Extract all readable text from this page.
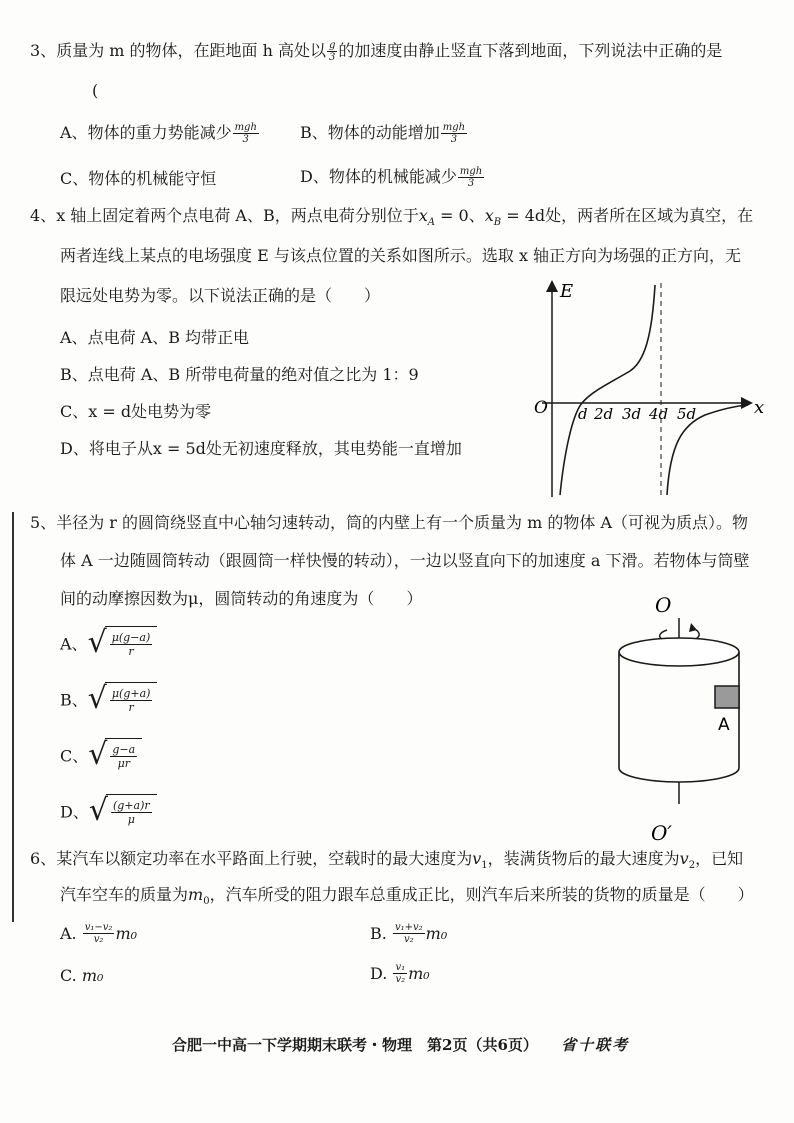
3、质量为 m 的物体，在距地面 h 高处以 $\frac{g}{3}$ 的加速度由静止竖直下落到地面，下列说法中正确的是
(
A、物体的重力势能减少 $\frac{\text{mgh}}{3}$	B、物体的动能增加 $\frac{\text{mgh}}{3}$
C、物体的机械能守恒	D、物体的机械能减少 $\frac{\text{mgh}}{3}$
4、x 轴上固定着两个点电荷 A、B，两点电荷分别位于$x_A = 0$、$x_B = 4d$处，两者所在区域为真空，在
两者连线上某点的电场强度 E 与该点位置的关系如图所示。选取 x 轴正方向为场强的正方向，无
限远处电势为零。以下说法正确的是（　　）
A、点电荷 A、B 均带正电
B、点电荷 A、B 所带电荷量的绝对值之比为 1：9
C、x = d处电势为零
D、将电子从x = 5d处无初速度释放，其电势能一直增加
E
x
O d 2d 3d 4d 5d
5、半径为 r 的圆筒绕竖直中心轴匀速转动，筒的内壁上有一个质量为 m 的物体 A（可视为质点）。物
体 A 一边随圆筒转动（跟圆筒一样快慢的转动），一边以竖直向下的加速度 a 下滑。若物体与筒壁
间的动摩擦因数为μ，圆筒转动的角速度为（　　）
A、 √ $\frac{\mu(g-a)}{r}$
B、 √ $\frac{\mu(g+a)}{r}$
C、 √ $\frac{g-a}{\mu r}$
D、 √ $\frac{(g+a)r}{\mu}$
O
A
O′
6、某汽车以额定功率在水平路面上行驶，空载时的最大速度为$v_1$，装满货物后的最大速度为$v_2$，已知
汽车空车的质量为$m_0$，汽车所受的阻力跟车总重成正比，则汽车后来所装的货物的质量是（　　）
A. $\frac{\text{v₁−v₂}}{\text{v₂}} m_0$	B. $\frac{\text{v₁+v₂}}{\text{v₂}} m_0$
C. m₀	D. $\frac{\text{v₁}}{\text{v₂}} m_0$
合肥一中高一下学期期末联考・物理　第2页（共6页） 省十联考
